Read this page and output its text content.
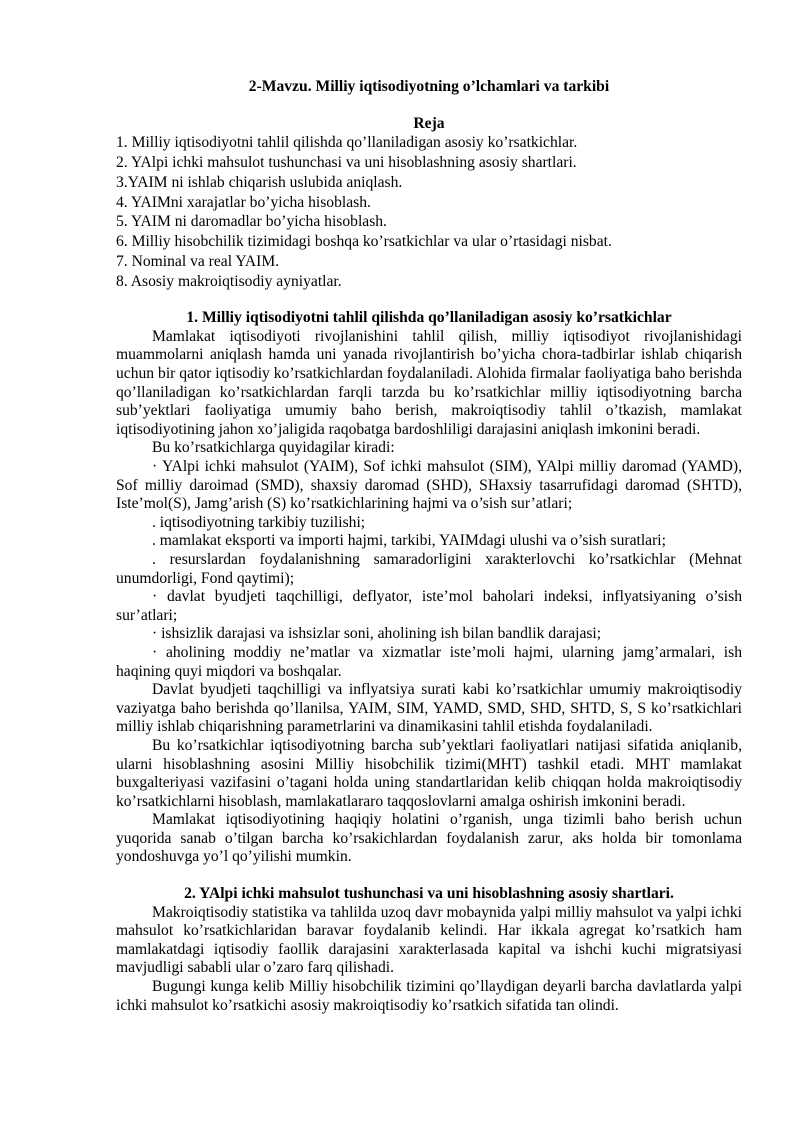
2-Mavzu. Milliy iqtisodiyotning o’lchamlari va tarkibi
Reja
1. Milliy iqtisodiyotni tahlil qilishda qo’llaniladigan asosiy ko’rsatkichlar.
2. YAlpi ichki mahsulot tushunchasi va uni hisoblashning asosiy shartlari.
3.YAIM ni ishlab chiqarish uslubida aniqlash.
4. YAIMni xarajatlar bo’yicha hisoblash.
5. YAIM ni daromadlar bo’yicha hisoblash.
6. Milliy hisobchilik tizimidagi boshqa ko’rsatkichlar va ular o’rtasidagi nisbat.
7. Nominal va real YAIM.
8. Asosiy makroiqtisodiy ayniyatlar.
1. Milliy iqtisodiyotni tahlil qilishda qo’llaniladigan asosiy ko’rsatkichlar

Mamlakat iqtisodiyoti rivojlanishini tahlil qilish, milliy iqtisodiyot rivojlanishidagi muammolarni aniqlash hamda uni yanada rivojlantirish bo’yicha chora-tadbirlar ishlab chiqarish uchun bir qator iqtisodiy ko’rsatkichlardan foydalaniladi. Alohida firmalar faoliyatiga baho berishda qo’llaniladigan ko’rsatkichlardan farqli tarzda bu ko’rsatkichlar milliy iqtisodiyotning barcha sub’yektlari faoliyatiga umumiy baho berish, makroiqtisodiy tahlil o’tkazish, mamlakat iqtisodiyotining jahon xo’jaligida raqobatga bardoshliligi darajasini aniqlash imkonini beradi.

Bu ko’rsatkichlarga quyidagilar kiradi:

· YAlpi ichki mahsulot (YAIM), Sof ichki mahsulot (SIM), YAlpi milliy daromad (YAMD), Sof milliy daroimad (SMD), shaxsiy daromad (SHD), SHaxsiy tasarrufidagi daromad (SHTD), Iste’mol(S), Jamg’arish (S) ko’rsatkichlarining hajmi va o’sish sur’atlari;

. iqtisodiyotning tarkibiy tuzilishi;

. mamlakat eksporti va importi hajmi, tarkibi, YAIMdagi ulushi va o’sish suratlari;

. resurslardan foydalanishning samaradorligini xarakterlovchi ko’rsatkichlar (Mehnat unumdorligi, Fond qaytimi);

· davlat byudjeti taqchilligi, deflyator, iste’mol baholari indeksi, inflyatsiyaning o’sish sur’atlari;

· ishsizlik darajasi va ishsizlar soni, aholining ish bilan bandlik darajasi;

· aholining moddiy ne’matlar va xizmatlar iste’moli hajmi, ularning jamg’armalari, ish haqining quyi miqdori va boshqalar.

Davlat byudjeti taqchilligi va inflyatsiya surati kabi ko’rsatkichlar umumiy makroiqtisodiy vaziyatga baho berishda qo’llanilsa, YAIM, SIM, YAMD, SMD, SHD, SHTD, S, S ko’rsatkichlari milliy ishlab chiqarishning parametrlarini va dinamikasini tahlil etishda foydalaniladi.

Bu ko’rsatkichlar iqtisodiyotning barcha sub’yektlari faoliyatlari natijasi sifatida aniqlanib, ularni hisoblashning asosini Milliy hisobchilik tizimi(MHT) tashkil etadi. MHT mamlakat buxgalteriyasi vazifasini o’tagani holda uning standartlaridan kelib chiqqan holda makroiqtisodiy ko’rsatkichlarni hisoblash, mamlakatlararo taqqoslovlarni amalga oshirish imkonini beradi.

Mamlakat iqtisodiyotining haqiqiy holatini o’rganish, unga tizimli baho berish uchun yuqorida sanab o’tilgan barcha ko’rsakichlardan foydalanish zarur, aks holda bir tomonlama yondoshuvga yo’l qo’yilishi mumkin.

2. YAlpi ichki mahsulot tushunchasi va uni hisoblashning asosiy shartlari.

Makroiqtisodiy statistika va tahlilda uzoq davr mobaynida yalpi milliy mahsulot va yalpi ichki mahsulot ko’rsatkichlaridan baravar foydalanib kelindi. Har ikkala agregat ko’rsatkich ham mamlakatdagi iqtisodiy faollik darajasini xarakterlasada kapital va ishchi kuchi migratsiyasi mavjudligi sababli ular o’zaro farq qilishadi.

Bugungi kunga kelib Milliy hisobchilik tizimini qo’llaydigan deyarli barcha davlatlarda yalpi ichki mahsulot ko’rsatkichi asosiy makroiqtisodiy ko’rsatkich sifatida tan olindi.
